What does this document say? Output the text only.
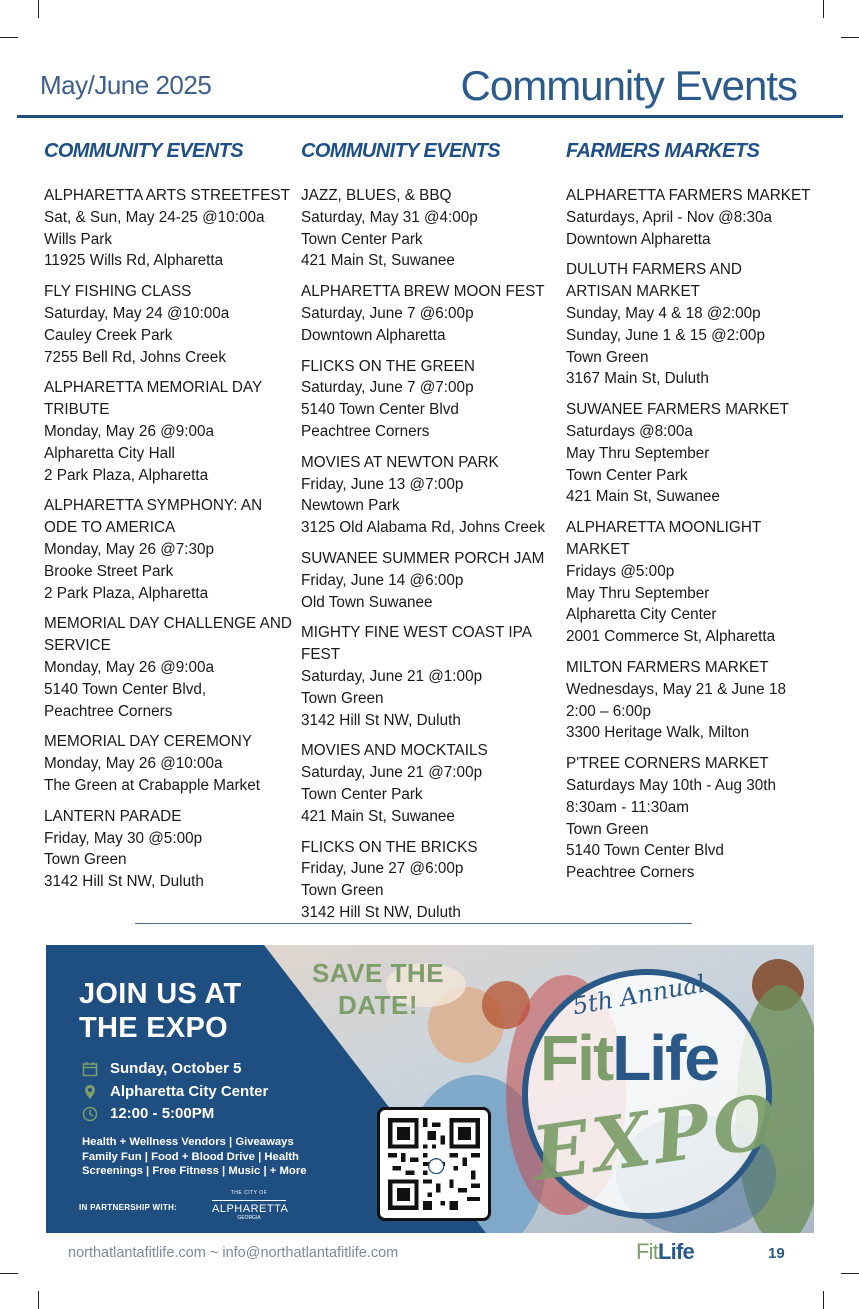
May/June 2025	Community Events
COMMUNITY EVENTS
ALPHARETTA ARTS STREETFEST
Sat, & Sun, May 24-25 @10:00a
Wills Park
11925 Wills Rd, Alpharetta
FLY FISHING CLASS
Saturday, May 24 @10:00a
Cauley Creek Park
7255 Bell Rd, Johns Creek
ALPHARETTA MEMORIAL DAY TRIBUTE
Monday, May 26 @9:00a
Alpharetta City Hall
2 Park Plaza, Alpharetta
ALPHARETTA SYMPHONY: AN ODE TO AMERICA
Monday, May 26 @7:30p
Brooke Street Park
2 Park Plaza, Alpharetta
MEMORIAL DAY CHALLENGE AND SERVICE
Monday, May 26 @9:00a
5140 Town Center Blvd,
Peachtree Corners
MEMORIAL DAY CEREMONY
Monday, May 26 @10:00a
The Green at Crabapple Market
LANTERN PARADE
Friday, May 30 @5:00p
Town Green
3142 Hill St NW, Duluth
COMMUNITY EVENTS
JAZZ, BLUES, & BBQ
Saturday, May 31 @4:00p
Town Center Park
421 Main St, Suwanee
ALPHARETTA BREW MOON FEST
Saturday, June 7 @6:00p
Downtown Alpharetta
FLICKS ON THE GREEN
Saturday, June 7 @7:00p
5140 Town Center Blvd
Peachtree Corners
MOVIES AT NEWTON PARK
Friday, June 13 @7:00p
Newtown Park
3125 Old Alabama Rd, Johns Creek
SUWANEE SUMMER PORCH JAM
Friday, June 14 @6:00p
Old Town Suwanee
MIGHTY FINE WEST COAST IPA FEST
Saturday, June 21 @1:00p
Town Green
3142 Hill St NW, Duluth
MOVIES AND MOCKTAILS
Saturday, June 21 @7:00p
Town Center Park
421 Main St, Suwanee
FLICKS ON THE BRICKS
Friday, June 27 @6:00p
Town Green
3142 Hill St NW, Duluth
FARMERS MARKETS
ALPHARETTA FARMERS MARKET
Saturdays, April - Nov @8:30a
Downtown Alpharetta
DULUTH FARMERS AND ARTISAN MARKET
Sunday, May 4 & 18 @2:00p
Sunday, June 1 & 15 @2:00p
Town Green
3167 Main St, Duluth
SUWANEE FARMERS MARKET
Saturdays @8:00a
May Thru September
Town Center Park
421 Main St, Suwanee
ALPHARETTA MOONLIGHT MARKET
Fridays @5:00p
May Thru September
Alpharetta City Center
2001 Commerce St, Alpharetta
MILTON FARMERS MARKET
Wednesdays, May 21 & June 18
2:00 – 6:00p
3300 Heritage Walk, Milton
P'TREE CORNERS MARKET
Saturdays May 10th - Aug 30th
8:30am - 11:30am
Town Green
5140 Town Center Blvd
Peachtree Corners
JOIN US AT
THE EXPO
Sunday, October 5
Alpharetta City Center
12:00 - 5:00PM
Health + Wellness Vendors | Giveaways
Family Fun | Food + Blood Drive | Health
Screenings | Free Fitness | Music | + More
IN PARTNERSHIP WITH:
THE CITY OF
ALPHARETTA
GEORGIA
SAVE THE
DATE!	5th Annual
FitLife
EXPO
northatlantafitlife.com ~ info@northatlantafitlife.com	FitLife	19
